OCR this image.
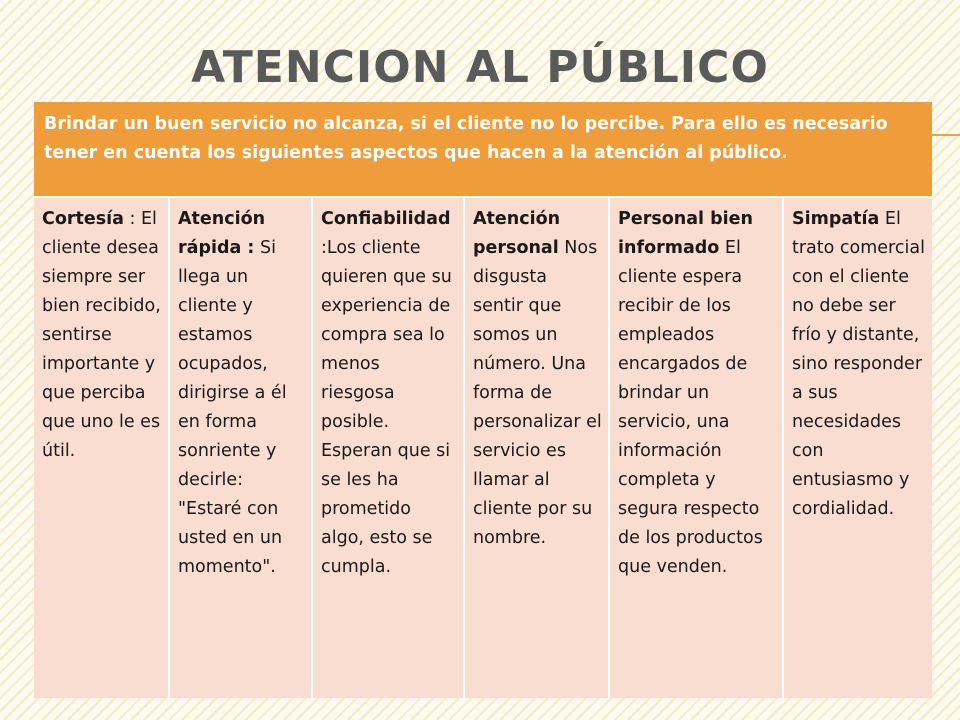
ATENCION AL PÚBLICO
Brindar un buen servicio no alcanza, si el cliente no lo percibe. Para ello es necesario tener en cuenta los siguientes aspectos que hacen a la atención al público.
Cortesía : El cliente desea siempre ser bien recibido, sentirse importante y que perciba que uno le es útil.
Atención rápida : Si llega un cliente y estamos ocupados, dirigirse a él en forma sonriente y decirle: "Estaré con usted en un momento".
Confiabilidad :Los cliente quieren que su experiencia de compra sea lo menos riesgosa posible. Esperan que si se les ha prometido algo, esto se cumpla.
Atención personal Nos disgusta sentir que somos un número. Una forma de personalizar el servicio es llamar al cliente por su nombre.
Personal bien informado El cliente espera recibir de los empleados encargados de brindar un servicio, una información completa y segura respecto de los productos que venden.
Simpatía El trato comercial con el cliente no debe ser frío y distante, sino responder a sus necesidades con entusiasmo y cordialidad.
